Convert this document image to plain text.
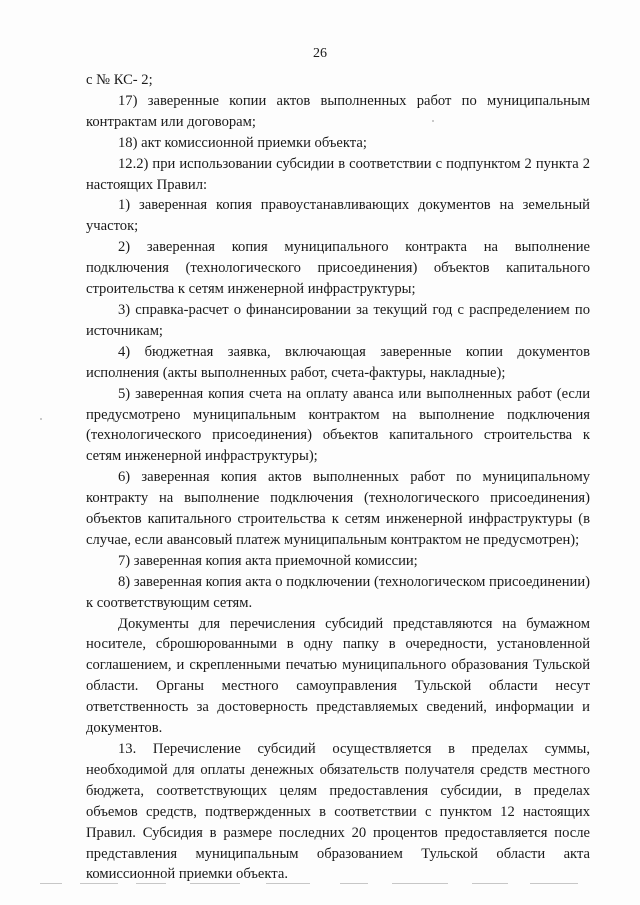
26

с № КС- 2;

17) заверенные копии актов выполненных работ по муниципальным контрактам или договорам;

18) акт комиссионной приемки объекта;

12.2) при использовании субсидии в соответствии с подпунктом 2 пункта 2 настоящих Правил:

1) заверенная копия правоустанавливающих документов на земельный участок;

2) заверенная копия муниципального контракта на выполнение подключения (технологического присоединения) объектов капитального строительства к сетям инженерной инфраструктуры;

3) справка-расчет о финансировании за текущий год с распределением по источникам;

4) бюджетная заявка, включающая заверенные копии документов исполнения (акты выполненных работ, счета-фактуры, накладные);

5) заверенная копия счета на оплату аванса или выполненных работ (если предусмотрено муниципальным контрактом на выполнение подключения (технологического присоединения) объектов капитального строительства к сетям инженерной инфраструктуры);

6) заверенная копия актов выполненных работ по муниципальному контракту на выполнение подключения (технологического присоединения) объектов капитального строительства к сетям инженерной инфраструктуры (в случае, если авансовый платеж муниципальным контрактом не предусмотрен);

7) заверенная копия акта приемочной комиссии;

8) заверенная копия акта о подключении (технологическом присоединении) к соответствующим сетям.

Документы для перечисления субсидий представляются на бумажном носителе, сброшюрованными в одну папку в очередности, установленной соглашением, и скрепленными печатью муниципального образования Тульской области. Органы местного самоуправления Тульской области несут ответственность за достоверность представляемых сведений, информации и документов.

13. Перечисление субсидий осуществляется в пределах суммы, необходимой для оплаты денежных обязательств получателя средств местного бюджета, соответствующих целям предоставления субсидии, в пределах объемов средств, подтвержденных в соответствии с пунктом 12 настоящих Правил. Субсидия в размере последних 20 процентов предоставляется после представления муниципальным образованием Тульской области акта комиссионной приемки объекта.
